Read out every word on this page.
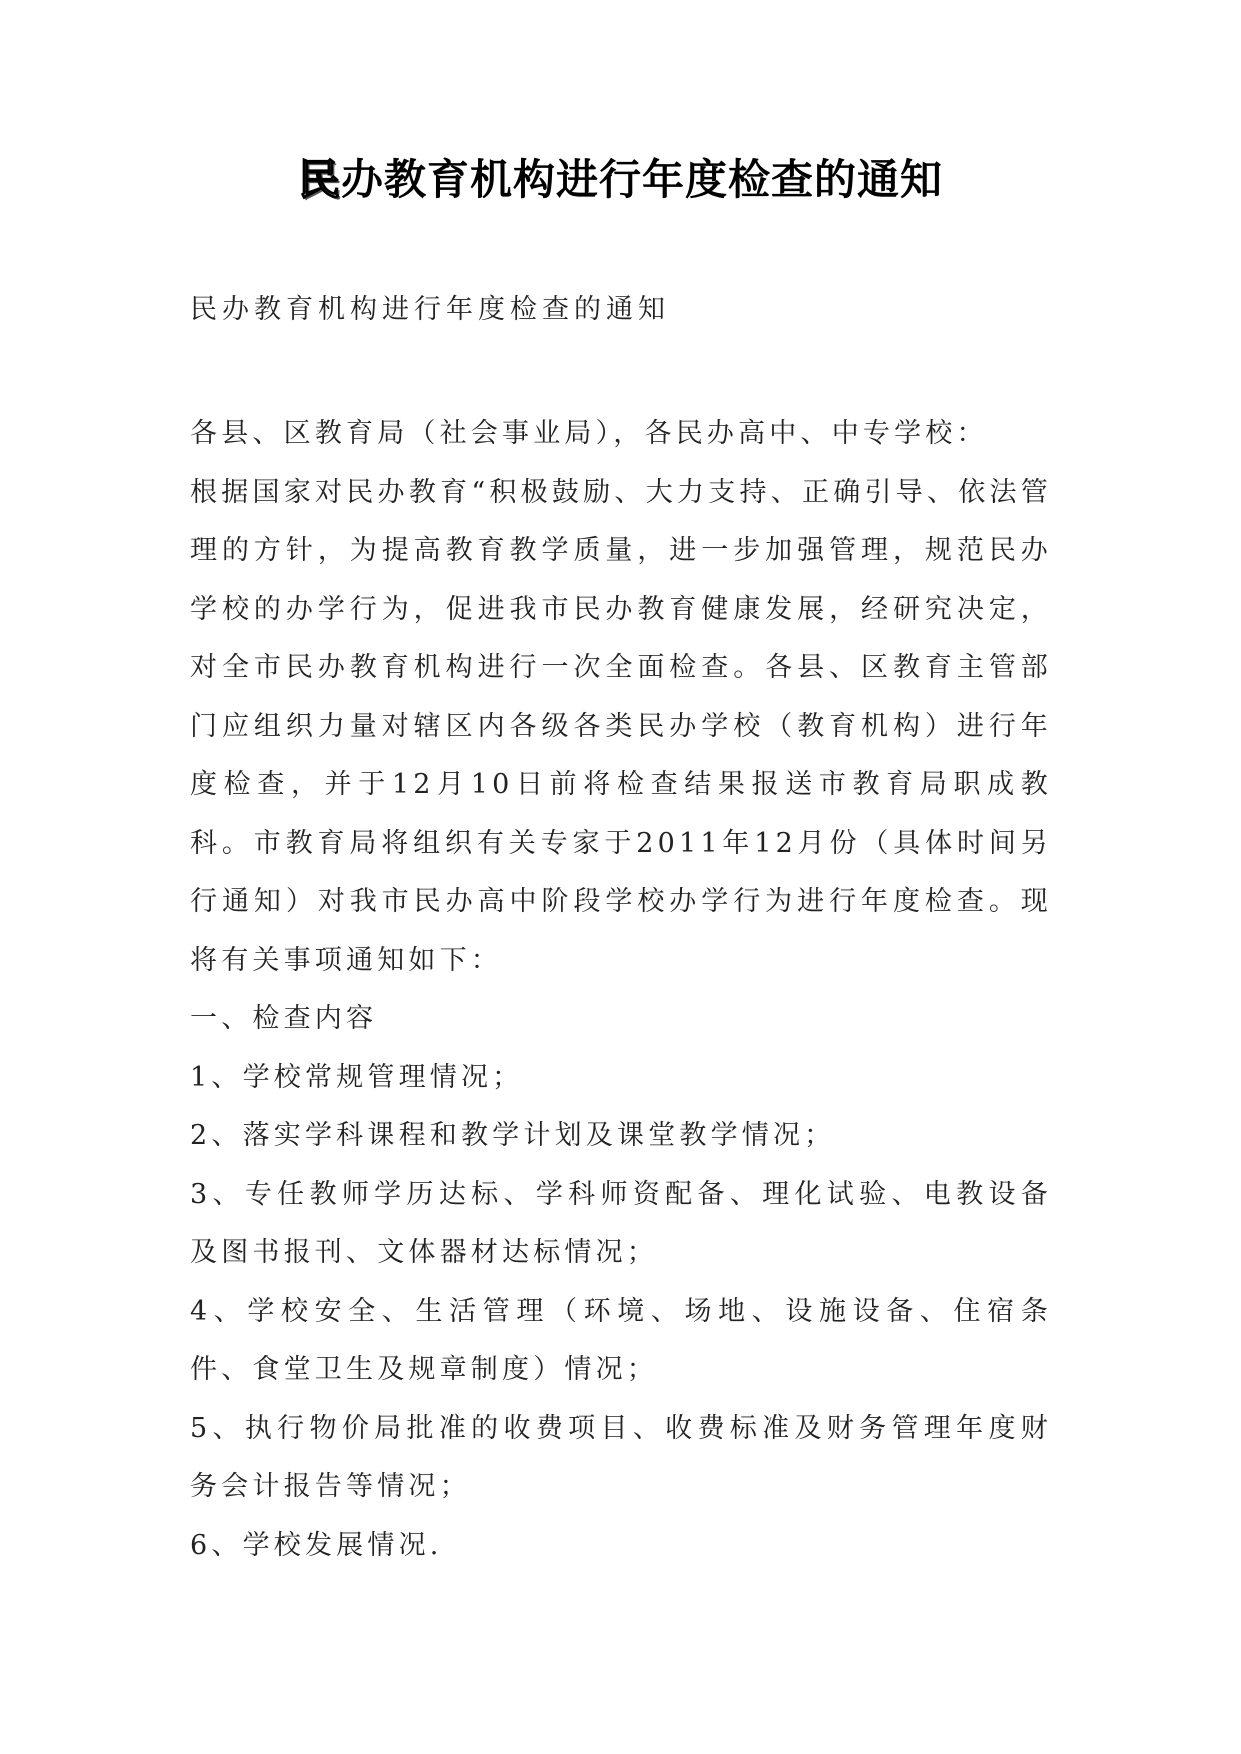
民办教育机构进行年度检查的通知
民办教育机构进行年度检查的通知

各县、区教育局（社会事业局），各民办高中、中专学校：

根据国家对民办教育“积极鼓励、大力支持、正确引导、依法管理的方针，为提高教育教学质量，进一步加强管理，规范民办学校的办学行为，促进我市民办教育健康发展，经研究决定，对全市民办教育机构进行一次全面检查。各县、区教育主管部门应组织力量对辖区内各级各类民办学校（教育机构）进行年度检查，并于12月10日前将检查结果报送市教育局职成教科。市教育局将组织有关专家于2011年12月份（具体时间另行通知）对我市民办高中阶段学校办学行为进行年度检查。现将有关事项通知如下：

一、检查内容

1、学校常规管理情况；

2、落实学科课程和教学计划及课堂教学情况；

3、专任教师学历达标、学科师资配备、理化试验、电教设备及图书报刊、文体器材达标情况；

4、学校安全、生活管理（环境、场地、设施设备、住宿条件、食堂卫生及规章制度）情况；

5、执行物价局批准的收费项目、收费标准及财务管理年度财务会计报告等情况；

6、学校发展情况.
